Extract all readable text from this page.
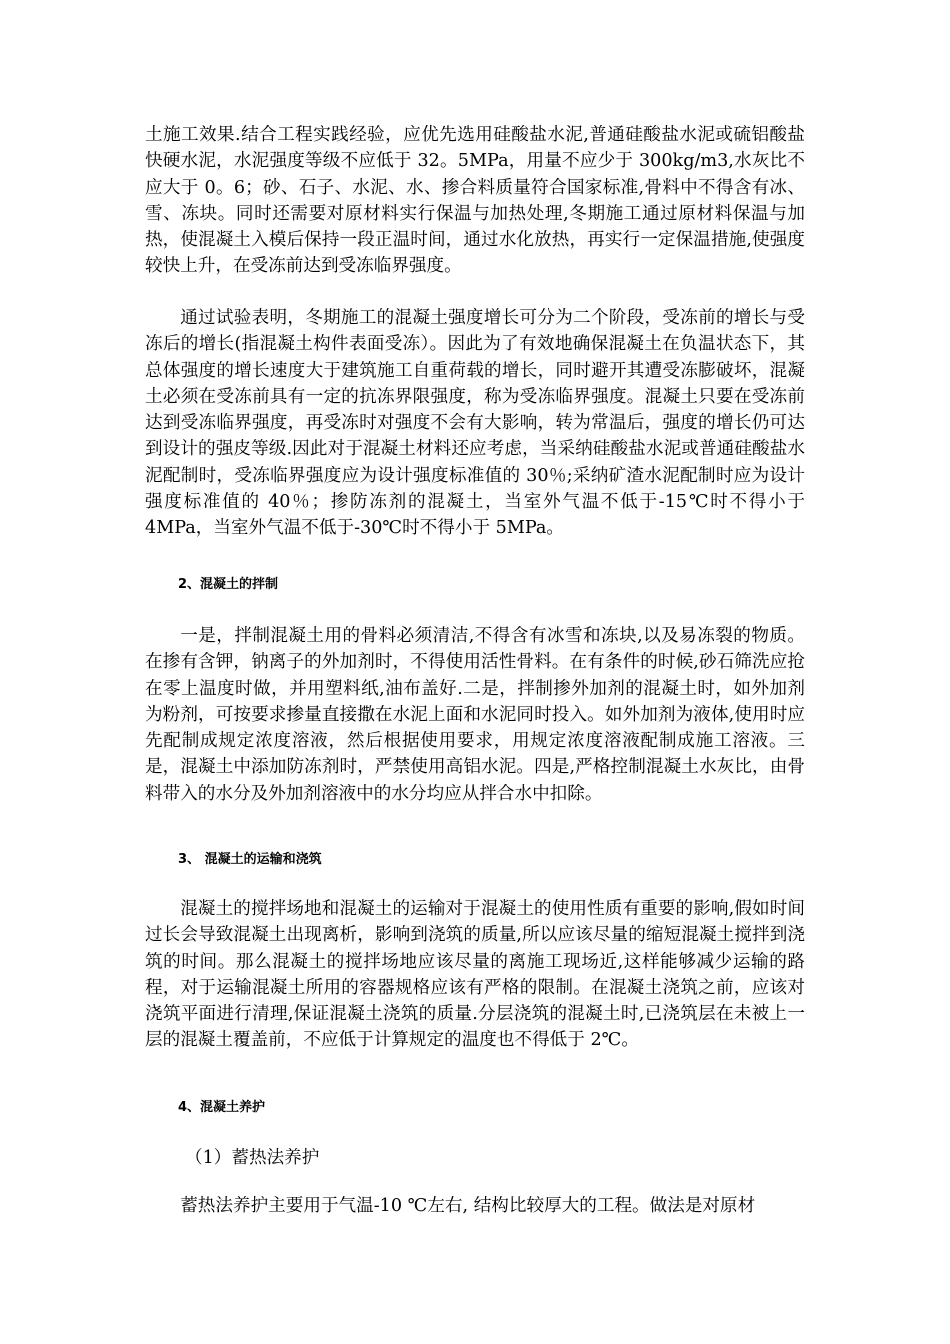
土施工效果.结合工程实践经验，应优先选用硅酸盐水泥,普通硅酸盐水泥或硫铝酸盐快硬水泥，水泥强度等级不应低于 32。5MPa，用量不应少于 300kg/m3,水灰比不应大于 0。6；砂、石子、水泥、水、掺合料质量符合国家标准,骨料中不得含有冰、雪、冻块。同时还需要对原材料实行保温与加热处理,冬期施工通过原材料保温与加热，使混凝土入模后保持一段正温时间，通过水化放热，再实行一定保温措施,使强度较快上升，在受冻前达到受冻临界强度。

通过试验表明，冬期施工的混凝土强度增长可分为二个阶段，受冻前的增长与受冻后的增长(指混凝土构件表面受冻）。因此为了有效地确保混凝土在负温状态下，其总体强度的增长速度大于建筑施工自重荷载的增长，同时避开其遭受冻膨破坏，混凝土必须在受冻前具有一定的抗冻界限强度，称为受冻临界强度。混凝土只要在受冻前达到受冻临界强度，再受冻时对强度不会有大影响，转为常温后，强度的增长仍可达到设计的强皮等级.因此对于混凝土材料还应考虑，当采纳硅酸盐水泥或普通硅酸盐水泥配制时，受冻临界强度应为设计强度标准值的 30％;采纳矿渣水泥配制时应为设计强度标准值的 40％；掺防冻剂的混凝土，当室外气温不低于-15℃时不得小于 4MPa，当室外气温不低于-30℃时不得小于 5MPa。

2、混凝土的拌制

一是，拌制混凝土用的骨料必须清洁,不得含有冰雪和冻块,以及易冻裂的物质。在掺有含钾，钠离子的外加剂时，不得使用活性骨料。在有条件的时候,砂石筛洗应抢在零上温度时做，并用塑料纸,油布盖好.二是，拌制掺外加剂的混凝土时，如外加剂为粉剂，可按要求掺量直接撒在水泥上面和水泥同时投入。如外加剂为液体,使用时应先配制成规定浓度溶液，然后根据使用要求，用规定浓度溶液配制成施工溶液。三是，混凝土中添加防冻剂时，严禁使用高铝水泥。四是,严格控制混凝土水灰比，由骨料带入的水分及外加剂溶液中的水分均应从拌合水中扣除。

3、 混凝土的运输和浇筑

混凝土的搅拌场地和混凝土的运输对于混凝土的使用性质有重要的影响,假如时间过长会导致混凝土出现离析，影响到浇筑的质量,所以应该尽量的缩短混凝土搅拌到浇筑的时间。那么混凝土的搅拌场地应该尽量的离施工现场近,这样能够减少运输的路程，对于运输混凝土所用的容器规格应该有严格的限制。在混凝土浇筑之前，应该对浇筑平面进行清理,保证混凝土浇筑的质量.分层浇筑的混凝土时,已浇筑层在未被上一层的混凝土覆盖前，不应低于计算规定的温度也不得低于 2℃。

4、混凝土养护

（1）蓄热法养护

蓄热法养护主要用于气温-10 ℃左右, 结构比较厚大的工程。做法是对原材
